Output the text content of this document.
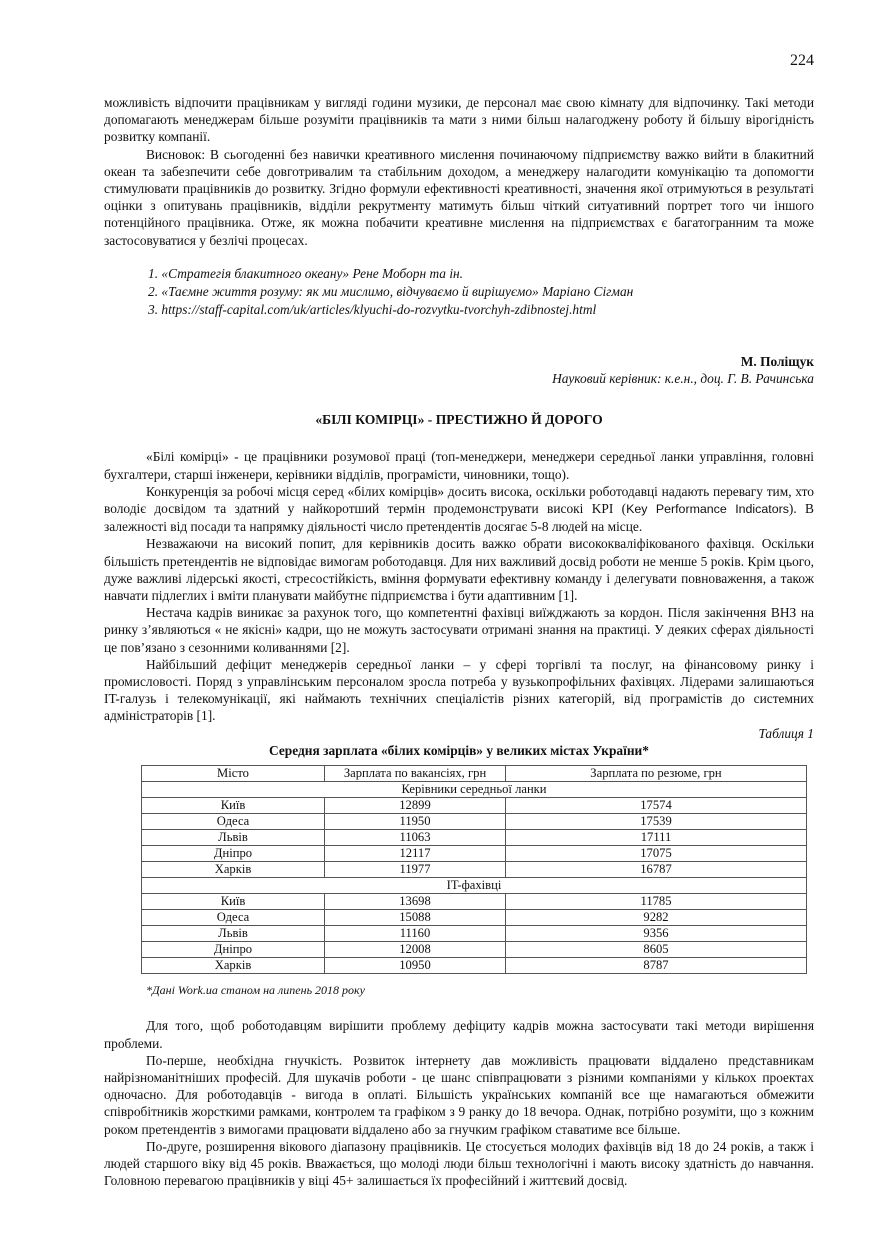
224

можливість відпочити працівникам у вигляді години музики, де персонал має свою кімнату для відпочинку. Такі методи допомагають менеджерам більше розуміти працівників та мати з ними більш налагоджену роботу й більшу вірогідність розвитку компанії.

Висновок: В сьогоденні без навички креативного мислення починаючому підприємству важко вийти в блакитний океан та забезпечити себе довготривалим та стабільним доходом, а менеджеру налагодити комунікацію та допомогти стимулювати працівників до розвитку. Згідно формули ефективності креативності, значення якої отримуються в результаті оцінки з опитувань працівників, відділи рекрутменту матимуть більш чіткий ситуативний портрет того чи іншого потенційного працівника. Отже, як можна побачити креативне мислення на підприємствах є багатогранним та може застосовуватися у безлічі процесах.

1. «Стратегія блакитного океану» Рене Моборн та ін.
2. «Таємне життя розуму: як ми мислимо, відчуваємо й вирішуємо» Маріано Сігман
3. https://staff-capital.com/uk/articles/klyuchi-do-rozvytku-tvorchyh-zdibnostej.html
М. Поліщук
Науковий керівник: к.е.н., доц. Г. В. Рачинська
«БІЛІ КОМІРЦІ» - ПРЕСТИЖНО Й ДОРОГО

«Білі комірці» - це працівники розумової праці (топ-менеджери, менеджери середньої ланки управління, головні бухгалтери, старші інженери, керівники відділів, програмісти, чиновники, тощо).

Конкуренція за робочі місця серед «білих комірців» досить висока, оскільки роботодавці надають перевагу тим, хто володіє досвідом та здатний у найкоротший термін продемонструвати високі KPI (Key Performance Indicators). В залежності від посади та напрямку діяльності число претендентів досягає 5-8 людей на місце.

Незважаючи на високий попит, для керівників досить важко обрати висококваліфікованого фахівця. Оскільки більшість претендентів не відповідає вимогам роботодавця. Для них важливий досвід роботи не менше 5 років. Крім цього, дуже важливі лідерські якості, стресостійкість, вміння формувати ефективну команду і делегувати повноваження, а також навчати підлеглих і вміти планувати майбутнє підприємства і бути адаптивним [1].

Нестача кадрів виникає за рахунок того, що компетентні фахівці виїжджають за кордон. Після закінчення ВНЗ на ринку з’являються « не якісні» кадри, що не можуть застосувати отримані знання на практиці. У деяких сферах діяльності це пов’язано з сезонними коливаннями [2].

Найбільший дефіцит менеджерів середньої ланки – у сфері торгівлі та послуг, на фінансовому ринку і промисловості. Поряд з управлінським персоналом зросла потреба у вузькопрофільних фахівцях. Лідерами залишаються IT-галузь і телекомунікації, які наймають технічних спеціалістів різних категорій, від програмістів до системних адміністраторів [1].

Таблиця 1
Середня зарплата «білих комірців» у великих містах України*
Місто	Зарплата по вакансіях, грн	Зарплата по резюме, грн
Керівники середньої ланки		
Київ	12899	17574
Одеса	11950	17539
Львів	11063	17111
Дніпро	12117	17075
Харків	11977	16787
IT-фахівці		
Київ	13698	11785
Одеса	15088	9282
Львів	11160	9356
Дніпро	12008	8605
Харків	10950	8787
*Дані Work.ua станом на липень 2018 року

Для того, щоб роботодавцям вирішити проблему дефіциту кадрів можна застосувати такі методи вирішення проблеми.

По-перше, необхідна гнучкість. Розвиток інтернету дав можливість працювати віддалено представникам найрізноманітніших професій. Для шукачів роботи - це шанс співпрацювати з різними компаніями у кількох проектах одночасно. Для роботодавців - вигода в оплаті. Більшість українських компаній все ще намагаються обмежити співробітників жорсткими рамками, контролем та графіком з 9 ранку до 18 вечора. Однак, потрібно розуміти, що з кожним роком претендентів з вимогами працювати віддалено або за гнучким графіком ставатиме все більше.

По-друге, розширення вікового діапазону працівників. Це стосується молодих фахівців від 18 до 24 років, а такж і людей старшого віку від 45 років. Вважається, що молоді люди більш технологічні і мають високу здатність до навчання. Головною перевагою працівників у віці 45+ залишається їх професійний і життєвий досвід.
